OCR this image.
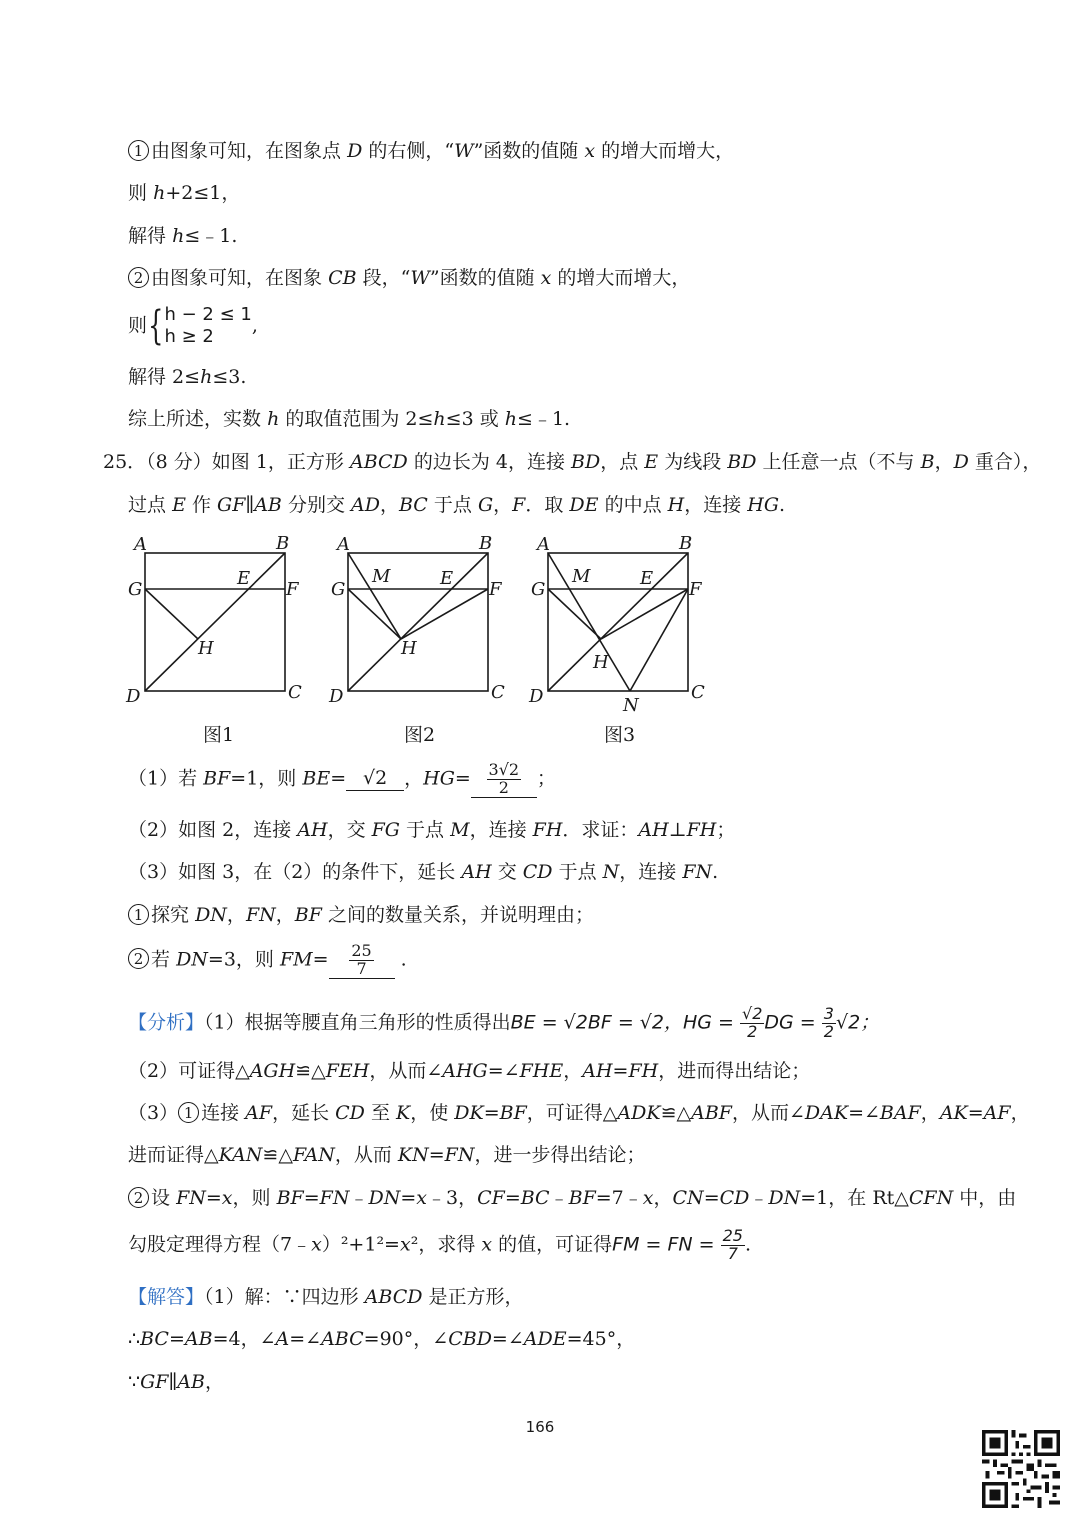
1 由图象可知，在图象点 D 的右侧，“W”函数的值随 x 的增大而增大，
则 h+2≤1，
解得 h≤﹣1.
2 由图象可知，在图象 CB 段，“W”函数的值随 x 的增大而增大，
则{ h − 2 ≤ 1
h ≥ 2	,
解得 2≤h≤3.
综上所述，实数 h 的取值范围为 2≤h≤3 或 h≤﹣1.
25．（8 分）如图 1，正方形 ABCD 的边长为 4，连接 BD，点 E 为线段 BD 上任意一点（不与 B，D 重合），
过点 E 作 GF∥AB 分别交 AD，BC 于点 G，F．取 DE 的中点 H，连接 HG.
A	B
G	F
E
H
D	C
A	B
G	F
M	E
H
D	C
A	B
G	F
M	E
H
N
D	C
图1	图2	图3
（1）若 BF=1，则 BE= √2 ，$HG= \frac{3√2}{2}$ ；
（2）如图 2，连接 AH，交 FG 于点 M，连接 FH．求证：AH⊥FH；
（3）如图 3，在（2）的条件下，延长 AH 交 CD 于点 N，连接 FN.
1 探究 DN，FN，BF 之间的数量关系，并说明理由；
2 若 DN=3，则 $FM= \frac{25}{7}$ .
【分析】（1）根据等腰直角三角形的性质得出BE = √2BF = √2，HG = $\frac{√2}{2}$ DG = $\frac{3}{2} √2$；
（2）可证得△AGH≌△FEH，从而∠AHG=∠FHE，AH=FH，进而得出结论；
（3） 1 连接 AF，延长 CD 至 K，使 DK=BF，可证得△ADK≌△ABF，从而∠DAK=∠BAF，AK=AF，
进而证得△KAN≌△FAN，从而 KN=FN，进一步得出结论；
2 设 FN=x，则 BF=FN﹣DN=x﹣3，CF=BC﹣BF=7﹣x，CN=CD﹣DN=1，在 Rt△CFN 中，由
勾股定理得方程（7﹣x）²+1²=x²，求得 x 的值，可证得FM = FN = $\frac{25}{7}$ .
【解答】（1）解：∵四边形 ABCD 是正方形，
∴BC=AB=4，∠A=∠ABC=90°，∠CBD=∠ADE=45°，
∵GF∥AB，
166
